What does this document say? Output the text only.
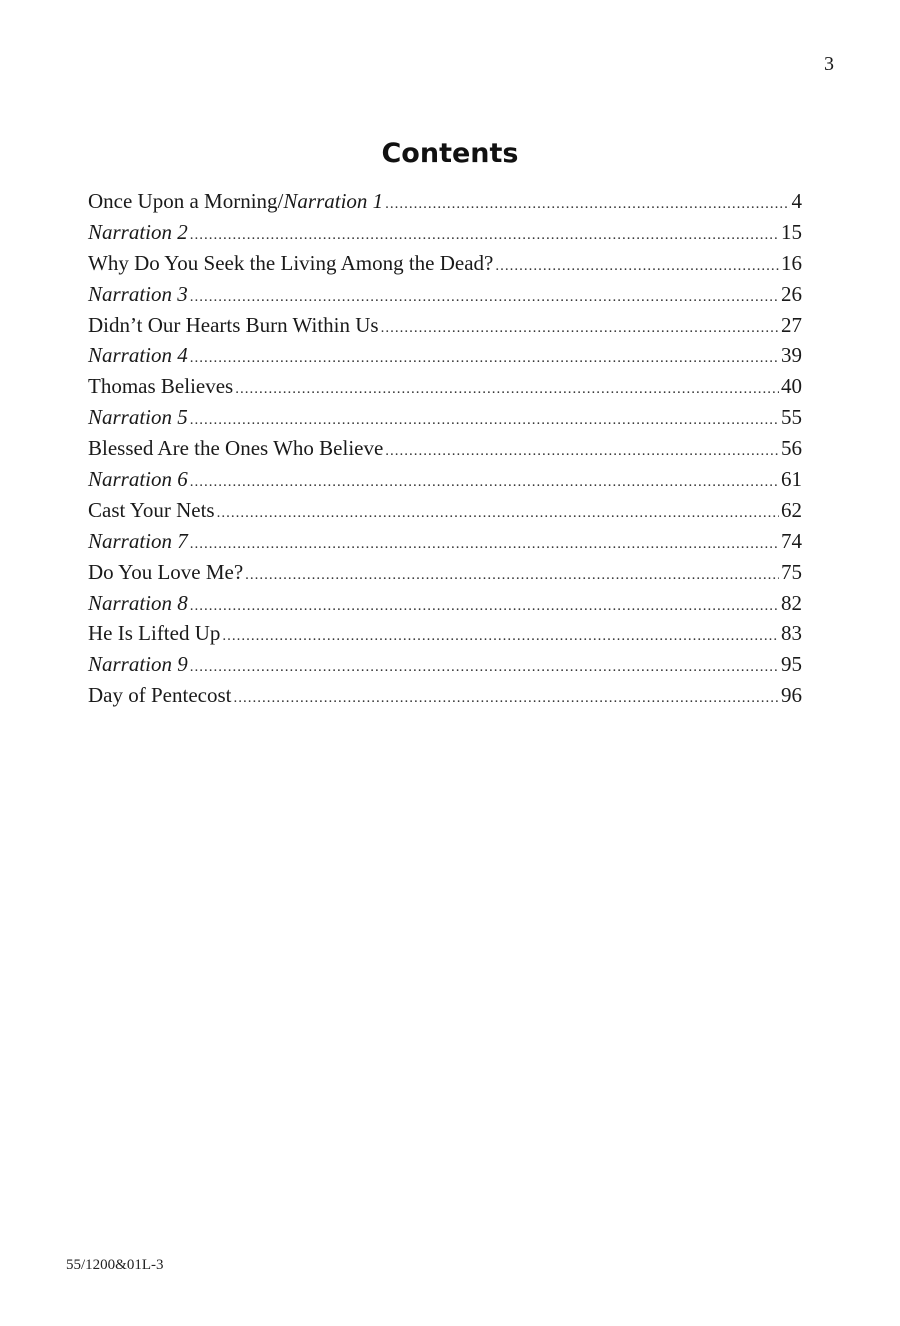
3
Contents
Once Upon a Morning/Narration 1 .....	4
Narration 2 .....	15
Why Do You Seek the Living Among the Dead? .....	16
Narration 3 .....	26
Didn’t Our Hearts Burn Within Us .....	27
Narration 4 .....	39
Thomas Believes .....	40
Narration 5 .....	55
Blessed Are the Ones Who Believe .....	56
Narration 6 .....	61
Cast Your Nets .....	62
Narration 7 .....	74
Do You Love Me? .....	75
Narration 8 .....	82
He Is Lifted Up .....	83
Narration 9 .....	95
Day of Pentecost .....	96
55/1200&01L-3
